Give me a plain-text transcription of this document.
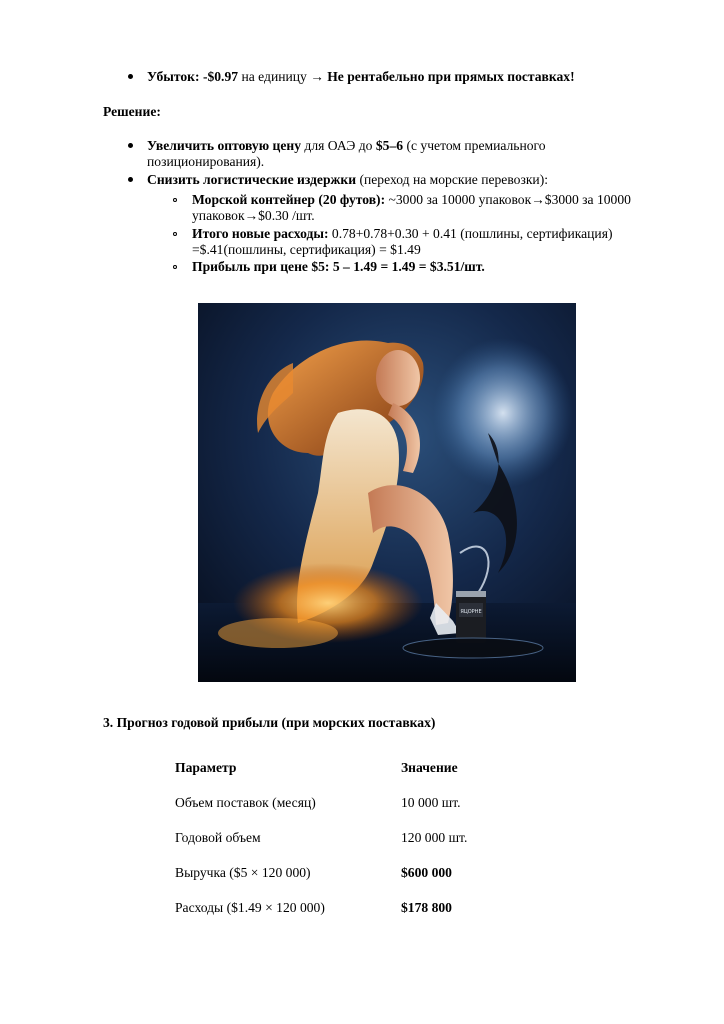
Убыток: -$0.97 на единицу → Не рентабельно при прямых поставках!
Решение:
Увеличить оптовую цену для ОАЭ до $5–6 (с учетом премиального
позиционирования).
Снизить логистические издержки (переход на морские перевозки):
Морской контейнер (20 футов): ~3000 за 10000 упаковок→$3000 за 10000
упаковок→$0.30 /шт.
Итого новые расходы: 0.78+0.78+0.30 + 0.41 (пошлины, сертификация)
=$.41(пошлины, сертификация) = $1.49
Прибыль при цене $5: 5 – 1.49 = 1.49 = $3.51/шт.
ЯЦОРНЕ
3. Прогноз годовой прибыли (при морских поставках)
Параметр	Значение
Объем поставок (месяц)	10 000 шт.
Годовой объем	120 000 шт.
Выручка ($5 × 120 000)	$600 000
Расходы ($1.49 × 120 000)	$178 800
